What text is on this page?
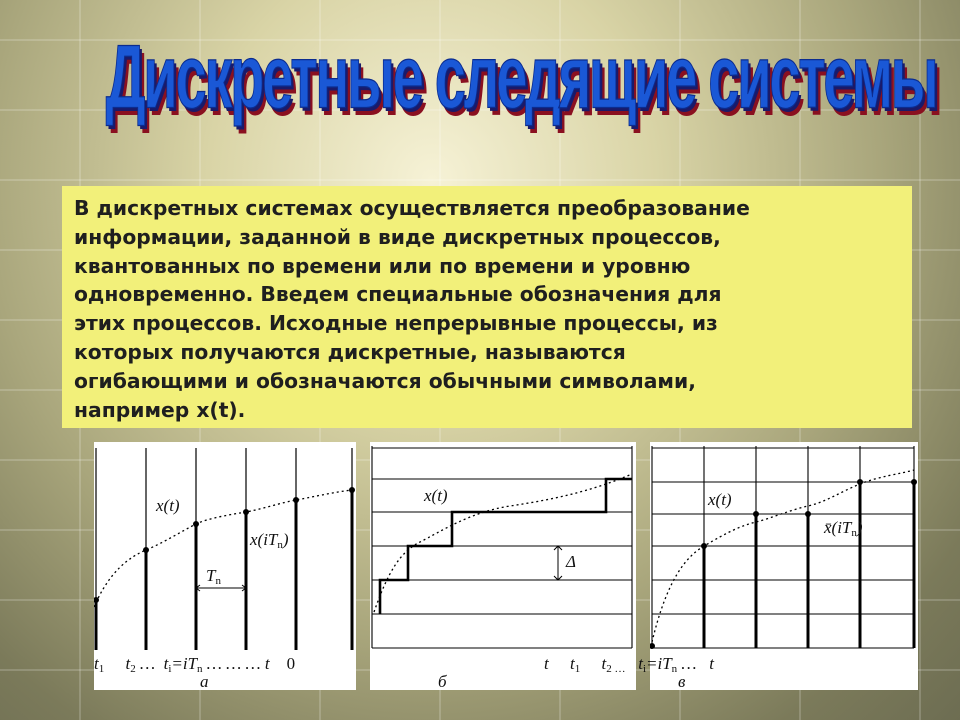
Дискретные следящие системы

В дискретных системах осуществляется преобразование

информации, заданной в виде дискретных процессов,

квантованных по времени или по времени и уровню

одновременно. Введем специальные обозначения для

этих процессов. Исходные непрерывные процессы, из

которых получаются дискретные, называются

огибающими и обозначаются обычными символами,

например x(t).

x(t)
$x(iT_n)$
$T_n$
$t_1$ $t_2$ …  $t_i=iT_n$ … … … t 0
а
x(t)
Δ
t
б
x(t)
$x̄(iT_n)$
$t_1$ $t_{2 \dots}$ $t_i=iT_n$ … t
в	MyShared
